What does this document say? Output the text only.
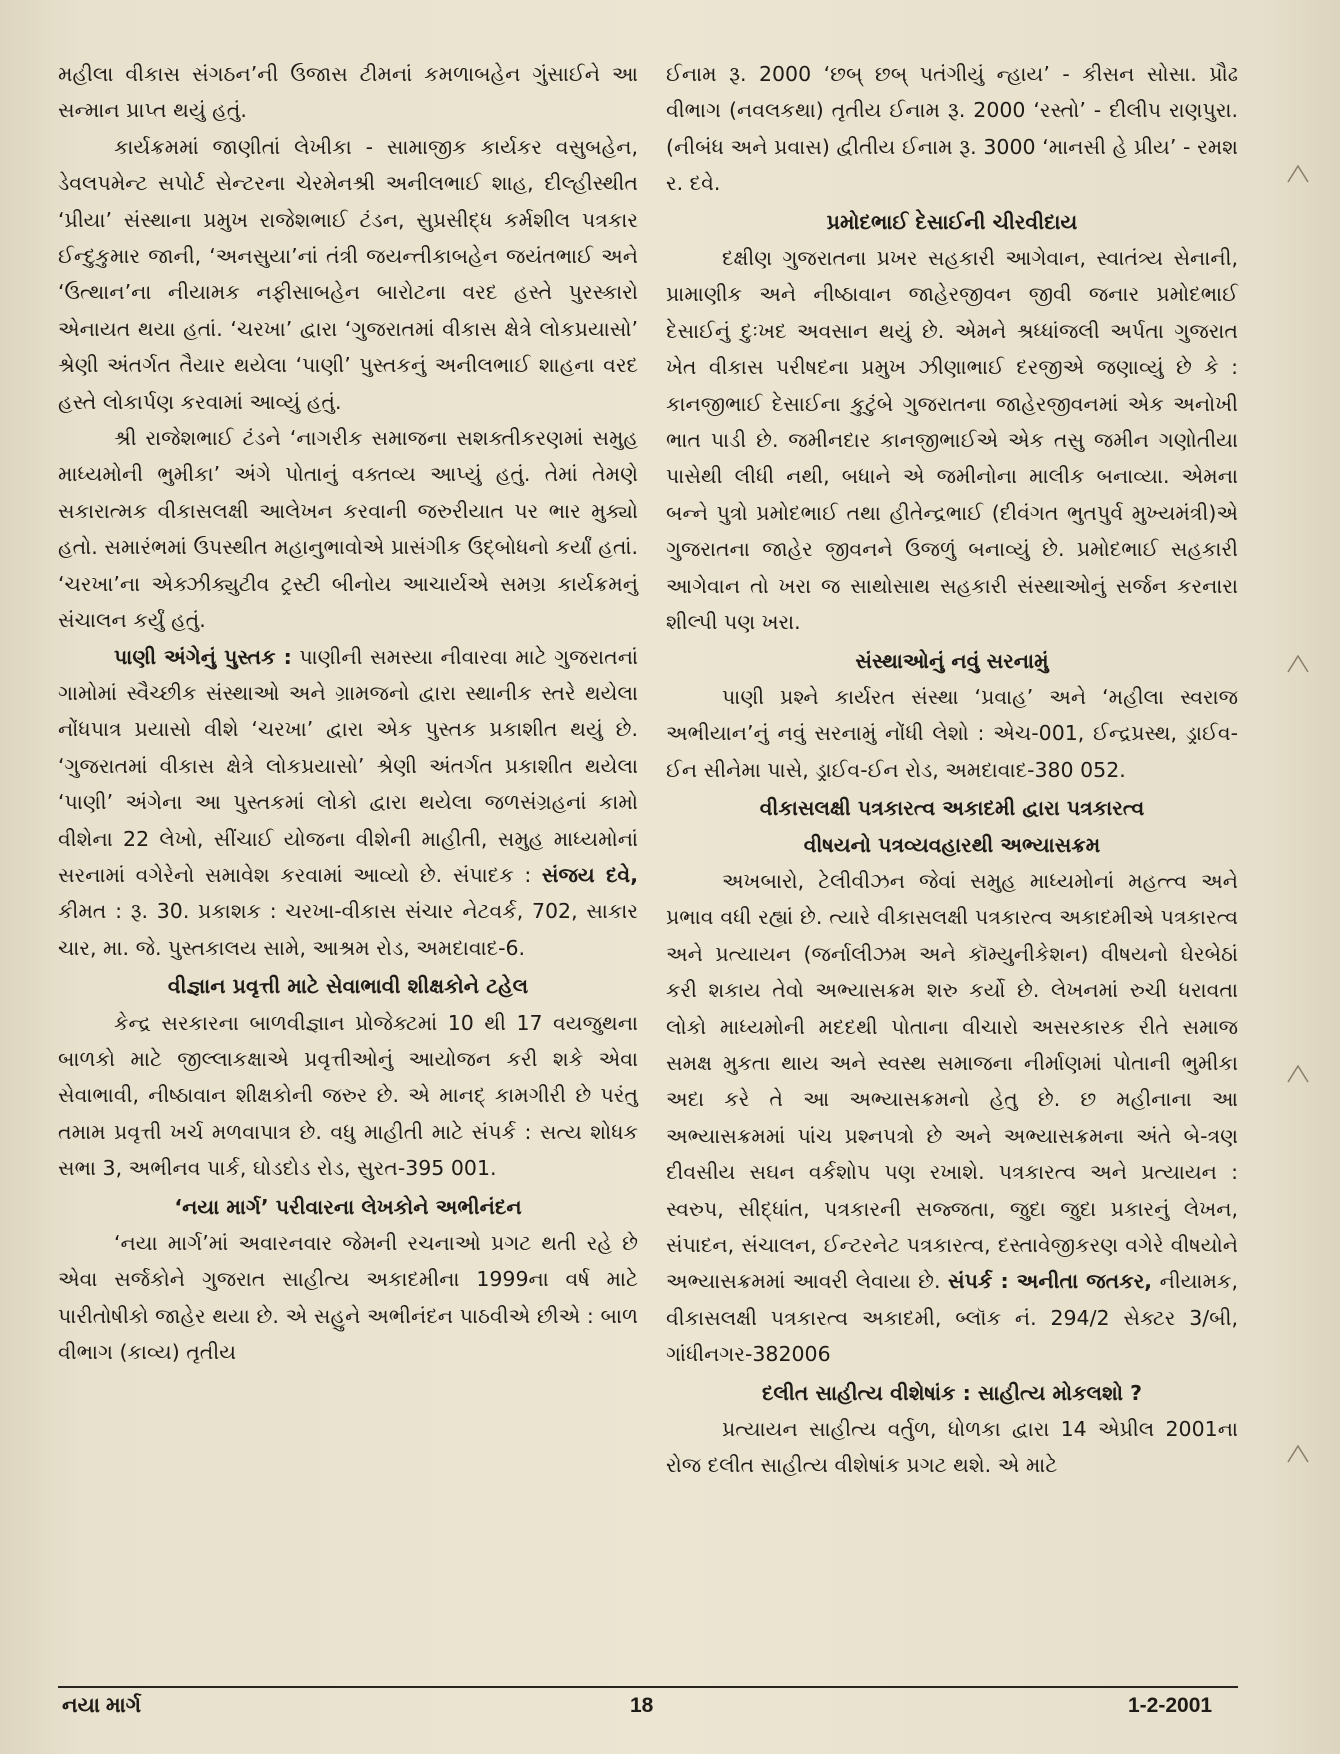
મહીલા વીકાસ સંગઠન’ની ઉજાસ ટીમનાં કમળાબહેન ગુંસાઈને આ સન્માન પ્રાપ્ત થયું હતું.

કાર્યક્રમમાં જાણીતાં લેખીકા - સામાજીક કાર્યકર વસુબહેન, ડેવલપમેન્ટ સપોર્ટ સેન્ટરના ચેરમેનશ્રી અનીલભાઈ શાહ, દીલ્હીસ્થીત ‘પ્રીયા’ સંસ્થાના પ્રમુખ રાજેશભાઈ ટંડન, સુપ્રસીદ્ધ કર્મશીલ પત્રકાર ઈન્દુકુમાર જાની, ‘અનસુયા’નાં તંત્રી જયન્તીકાબહેન જયંતભાઈ અને ‘ઉત્થાન’ના નીયામક નફીસાબહેન બારોટના વરદ હસ્તે પુરસ્કારો એનાયત થયા હતાં. ‘ચરખા’ દ્વારા ‘ગુજરાતમાં વીકાસ ક્ષેત્રે લોકપ્રયાસો’ શ્રેણી અંતર્ગત તૈયાર થયેલા ‘પાણી’ પુસ્તકનું અનીલભાઈ શાહના વરદ હસ્તે લોકાર્પણ કરવામાં આવ્યું હતું.

શ્રી રાજેશભાઈ ટંડને ‘નાગરીક સમાજના સશક્તીકરણમાં સમુહ માધ્યમોની ભુમીકા’ અંગે પોતાનું વક્તવ્ય આપ્યું હતું. તેમાં તેમણે સકારાત્મક વીકાસલક્ષી આલેખન કરવાની જરુરીયાત પર ભાર મુક્યો હતો. સમારંભમાં ઉપસ્થીત મહાનુભાવોએ પ્રાસંગીક ઉદ્બોધનો કર્યાં હતાં. ‘ચરખા’ના એક્ઝીક્યુટીવ ટ્રસ્ટી બીનોય આચાર્યએ સમગ્ર કાર્યક્રમનું સંચાલન કર્યું હતું.

પાણી અંગેનું પુસ્તક : પાણીની સમસ્યા નીવારવા માટે ગુજરાતનાં ગામોમાં સ્વૈચ્છીક સંસ્થાઓ અને ગ્રામજનો દ્વારા સ્થાનીક સ્તરે થયેલા નોંધપાત્ર પ્રયાસો વીશે ‘ચરખા’ દ્વારા એક પુસ્તક પ્રકાશીત થયું છે. ‘ગુજરાતમાં વીકાસ ક્ષેત્રે લોકપ્રયાસો’ શ્રેણી અંતર્ગત પ્રકાશીત થયેલા ‘પાણી’ અંગેના આ પુસ્તકમાં લોકો દ્વારા થયેલા જળસંગ્રહનાં કામો વીશેના 22 લેખો, સીંચાઈ યોજના વીશેની માહીતી, સમુહ માધ્યમોનાં સરનામાં વગેરેનો સમાવેશ કરવામાં આવ્યો છે. સંપાદક : સંજય દવે, કીમત : રૂ. 30. પ્રકાશક : ચરખા-વીકાસ સંચાર નેટવર્ક, 702, સાકાર ચાર, મા. જે. પુસ્તકાલય સામે, આશ્રમ રોડ, અમદાવાદ-6.

વીજ્ઞાન પ્રવૃત્તી માટે સેવાભાવી શીક્ષકોને ટહેલ

કેન્દ્ર સરકારના બાળવીજ્ઞાન પ્રોજેક્ટમાં 10 થી 17 વયજુથના બાળકો માટે જીલ્લાકક્ષાએ પ્રવૃત્તીઓનું આયોજન કરી શકે એવા સેવાભાવી, નીષ્ઠાવાન શીક્ષકોની જરુર છે. એ માનદ્ કામગીરી છે પરંતુ તમામ પ્રવૃત્તી ખર્ચ મળવાપાત્ર છે. વધુ માહીતી માટે સંપર્ક : સત્ય શોધક સભા 3, અભીનવ પાર્ક, ઘોડદોડ રોડ, સુરત-395 001.

‘નયા માર્ગ’ પરીવારના લેખકોને અભીનંદન

‘નયા માર્ગ’માં અવારનવાર જેમની રચનાઓ પ્રગટ થતી રહે છે એવા સર્જકોને ગુજરાત સાહીત્ય અકાદમીના 1999ના વર્ષ માટે પારીતોષીકો જાહેર થયા છે. એ સહુને અભીનંદન પાઠવીએ છીએ : બાળ વીભાગ (કાવ્ય) તૃતીય

ઈનામ રૂ. 2000 ‘છબ્ છબ્ પતંગીયું ન્હાય’ - કીસન સોસા. પ્રૌઢ વીભાગ (નવલકથા) તૃતીય ઈનામ રૂ. 2000 ‘રસ્તો’ - દીલીપ રાણપુરા. (નીબંધ અને પ્રવાસ) દ્વીતીય ઈનામ રૂ. 3000 ‘માનસી હે પ્રીય’ - રમશ ર. દવે.

પ્રમોદભાઈ દેસાઈની ચીરવીદાય

દક્ષીણ ગુજરાતના પ્રખર સહકારી આગેવાન, સ્વાતંત્ર્ય સેનાની, પ્રામાણીક અને નીષ્ઠાવાન જાહેરજીવન જીવી જનાર પ્રમોદભાઈ દેસાઈનું દુઃખદ અવસાન થયું છે. એમને શ્રધ્ધાંજલી અર્પતા ગુજરાત ખેત વીકાસ પરીષદના પ્રમુખ ઝીણાભાઈ દરજીએ જણાવ્યું છે કે : કાનજીભાઈ દેસાઈના કુટુંબે ગુજરાતના જાહેરજીવનમાં એક અનોખી ભાત પાડી છે. જમીનદાર કાનજીભાઈએ એક તસુ જમીન ગણોતીયા પાસેથી લીધી નથી, બધાને એ જમીનોના માલીક બનાવ્યા. એમના બન્ને પુત્રો પ્રમોદભાઈ તથા હીતેન્દ્રભાઈ (દીવંગત ભુતપુર્વ મુખ્યમંત્રી)એ ગુજરાતના જાહેર જીવનને ઉજળું બનાવ્યું છે. પ્રમોદભાઈ સહકારી આગેવાન તો ખરા જ સાથોસાથ સહકારી સંસ્થાઓનું સર્જન કરનારા શીલ્પી પણ ખરા.

સંસ્થાઓનું નવું સરનામું

પાણી પ્રશ્ને કાર્યરત સંસ્થા ‘પ્રવાહ’ અને ‘મહીલા સ્વરાજ અભીયાન’નું નવું સરનામું નોંધી લેશો : એચ-001, ઈન્દ્રપ્રસ્થ, ડ્રાઈવ-ઈન સીનેમા પાસે, ડ્રાઈવ-ઈન રોડ, અમદાવાદ-380 052.

વીકાસલક્ષી પત્રકારત્વ અકાદમી દ્વારા પત્રકારત્વ
વીષયનો પત્રવ્યવહારથી અભ્યાસક્રમ

અખબારો, ટેલીવીઝન જેવાં સમુહ માધ્યમોનાં મહત્ત્વ અને પ્રભાવ વધી રહ્યાં છે. ત્યારે વીકાસલક્ષી પત્રકારત્વ અકાદમીએ પત્રકારત્વ અને પ્રત્યાયન (જર્નાલીઝમ અને કૉમ્યુનીકેશન) વીષયનો ઘેરબેઠાં કરી શકાય તેવો અભ્યાસક્રમ શરુ કર્યો છે. લેખનમાં રુચી ધરાવતા લોકો માધ્યમોની મદદથી પોતાના વીચારો અસરકારક રીતે સમાજ સમક્ષ મુકતા થાય અને સ્વસ્થ સમાજના નીર્માણમાં પોતાની ભુમીકા અદા કરે તે આ અભ્યાસક્રમનો હેતુ છે. છ મહીનાના આ અભ્યાસક્રમમાં પાંચ પ્રશ્નપત્રો છે અને અભ્યાસક્રમના અંતે બે-ત્રણ દીવસીય સઘન વર્કશોપ પણ રખાશે. પત્રકારત્વ અને પ્રત્યાયન : સ્વરુપ, સીદ્ધાંત, પત્રકારની સજ્જતા, જુદા જુદા પ્રકારનું લેખન, સંપાદન, સંચાલન, ઈન્ટરનેટ પત્રકારત્વ, દસ્તાવેજીકરણ વગેરે વીષયોને અભ્યાસક્રમમાં આવરી લેવાયા છે. સંપર્ક : અનીતા જતકર, નીયામક, વીકાસલક્ષી પત્રકારત્વ અકાદમી, બ્લૉક નં. 294/2 સેક્ટર 3/બી, ગાંધીનગર-382006

દલીત સાહીત્ય વીશેષાંક : સાહીત્ય મોકલશો ?

પ્રત્યાયન સાહીત્ય વર્તુળ, ધોળકા દ્વારા 14 એપ્રીલ 2001ના રોજ દલીત સાહીત્ય વીશેષાંક પ્રગટ થશે. એ માટે

નયા માર્ગ	18	1-2-2001
